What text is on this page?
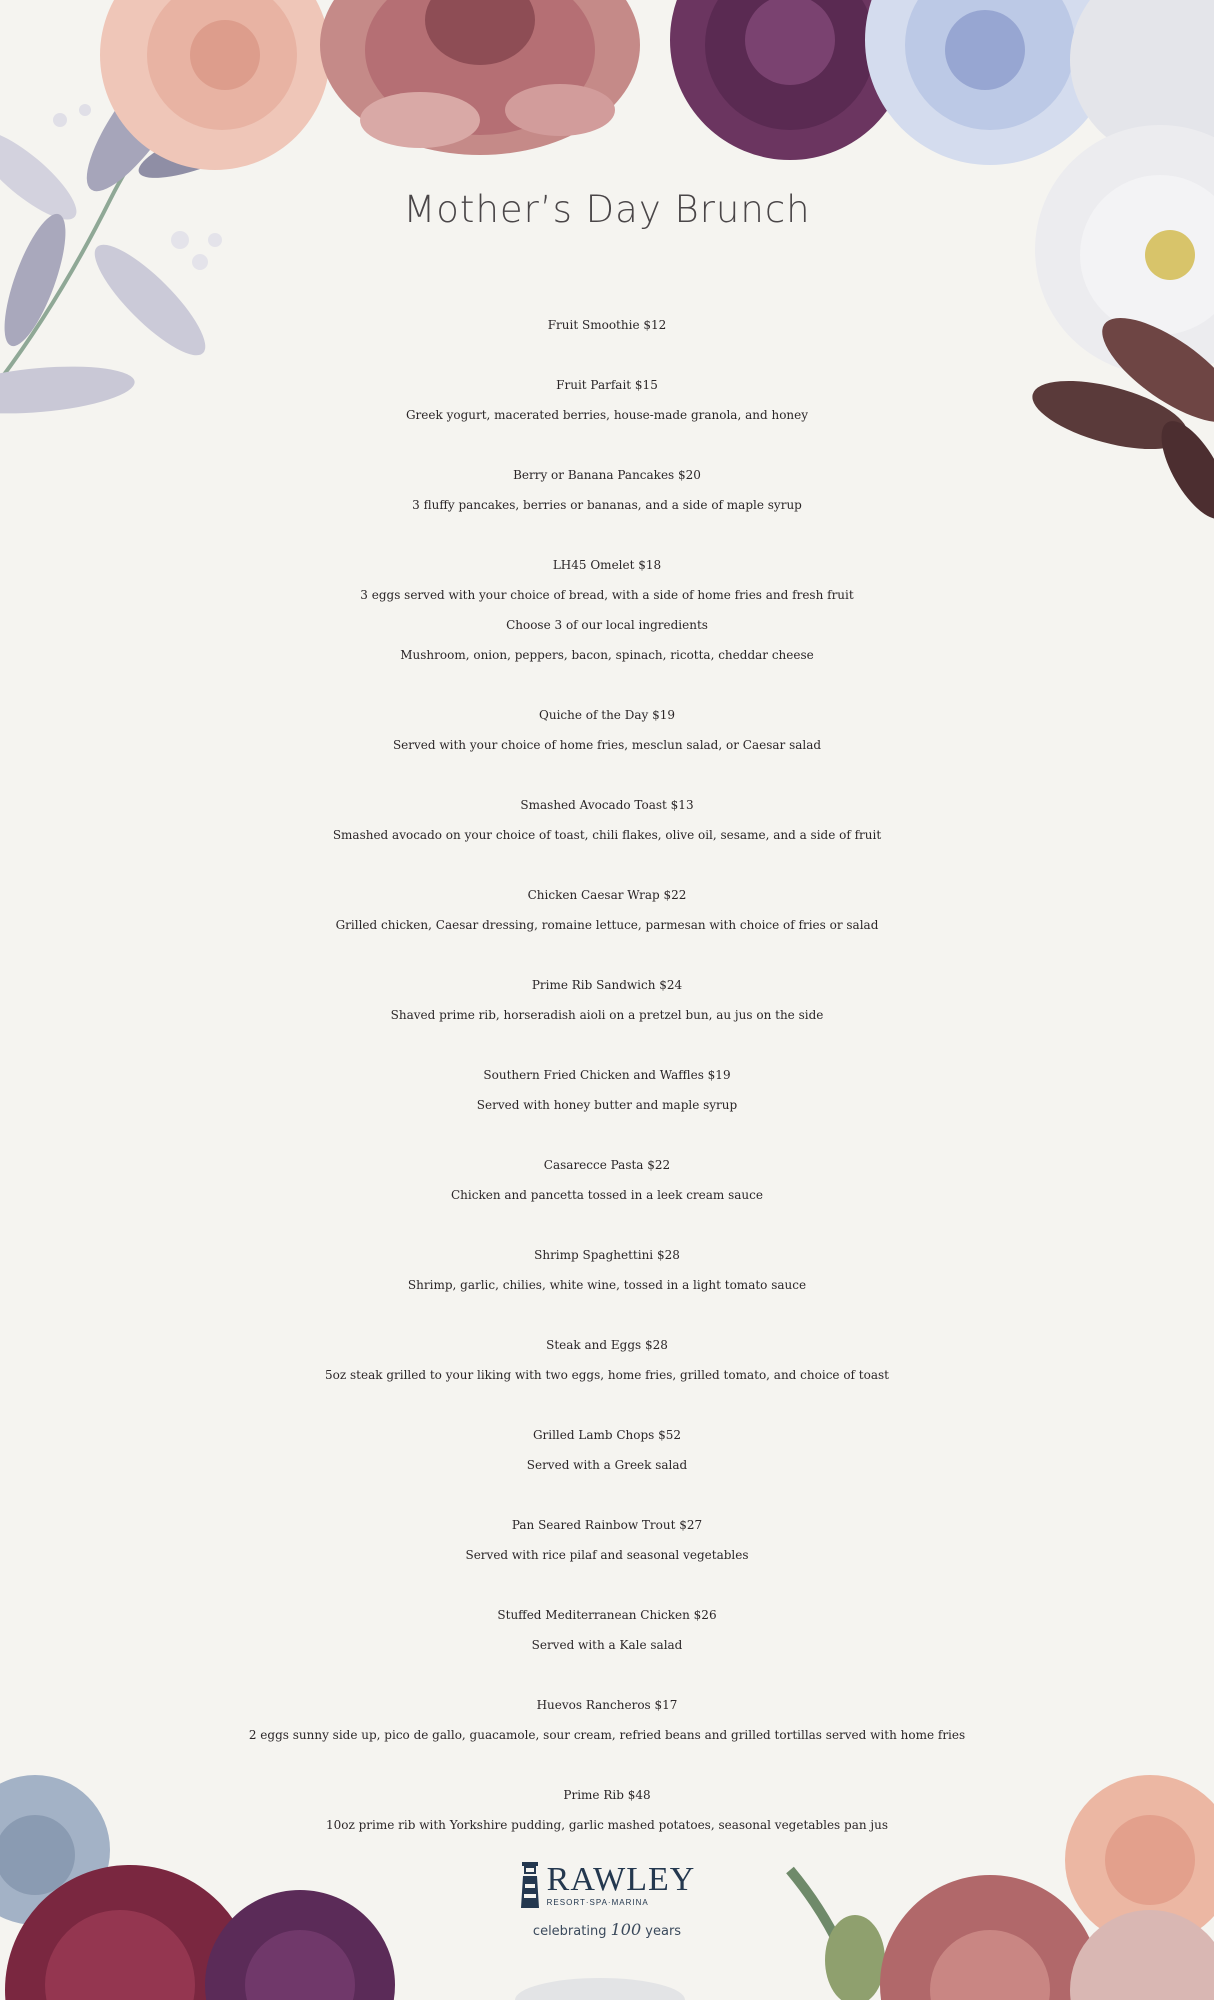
Mother’s Day Brunch
Fruit Smoothie $12
Fruit Parfait $15
Greek yogurt, macerated berries, house-made granola, and honey
Berry or Banana Pancakes $20
3 fluffy pancakes, berries or bananas, and a side of maple syrup
LH45 Omelet $18
3 eggs served with your choice of bread, with a side of home fries and fresh fruit
Choose 3 of our local ingredients
Mushroom, onion, peppers, bacon, spinach, ricotta, cheddar cheese
Quiche of the Day $19
Served with your choice of home fries, mesclun salad, or Caesar salad
Smashed Avocado Toast $13
Smashed avocado on your choice of toast, chili flakes, olive oil, sesame, and a side of fruit
Chicken Caesar Wrap $22
Grilled chicken, Caesar dressing, romaine lettuce, parmesan with choice of fries or salad
Prime Rib Sandwich $24
Shaved prime rib, horseradish aioli on a pretzel bun, au jus on the side
Southern Fried Chicken and Waffles $19
Served with honey butter and maple syrup
Casarecce Pasta $22
Chicken and pancetta tossed in a leek cream sauce
Shrimp Spaghettini $28
Shrimp, garlic, chilies, white wine, tossed in a light tomato sauce
Steak and Eggs $28
5oz steak grilled to your liking with two eggs, home fries, grilled tomato, and choice of toast
Grilled Lamb Chops $52
Served with a Greek salad
Pan Seared Rainbow Trout $27
Served with rice pilaf and seasonal vegetables
Stuffed Mediterranean Chicken $26
Served with a Kale salad
Huevos Rancheros $17
2 eggs sunny side up, pico de gallo, guacamole, sour cream, refried beans and grilled tortillas served with home fries
Prime Rib $48
10oz prime rib with Yorkshire pudding, garlic mashed potatoes, seasonal vegetables pan jus
RAWLEY
RESORT·SPA·MARINA
celebrating 100 years
